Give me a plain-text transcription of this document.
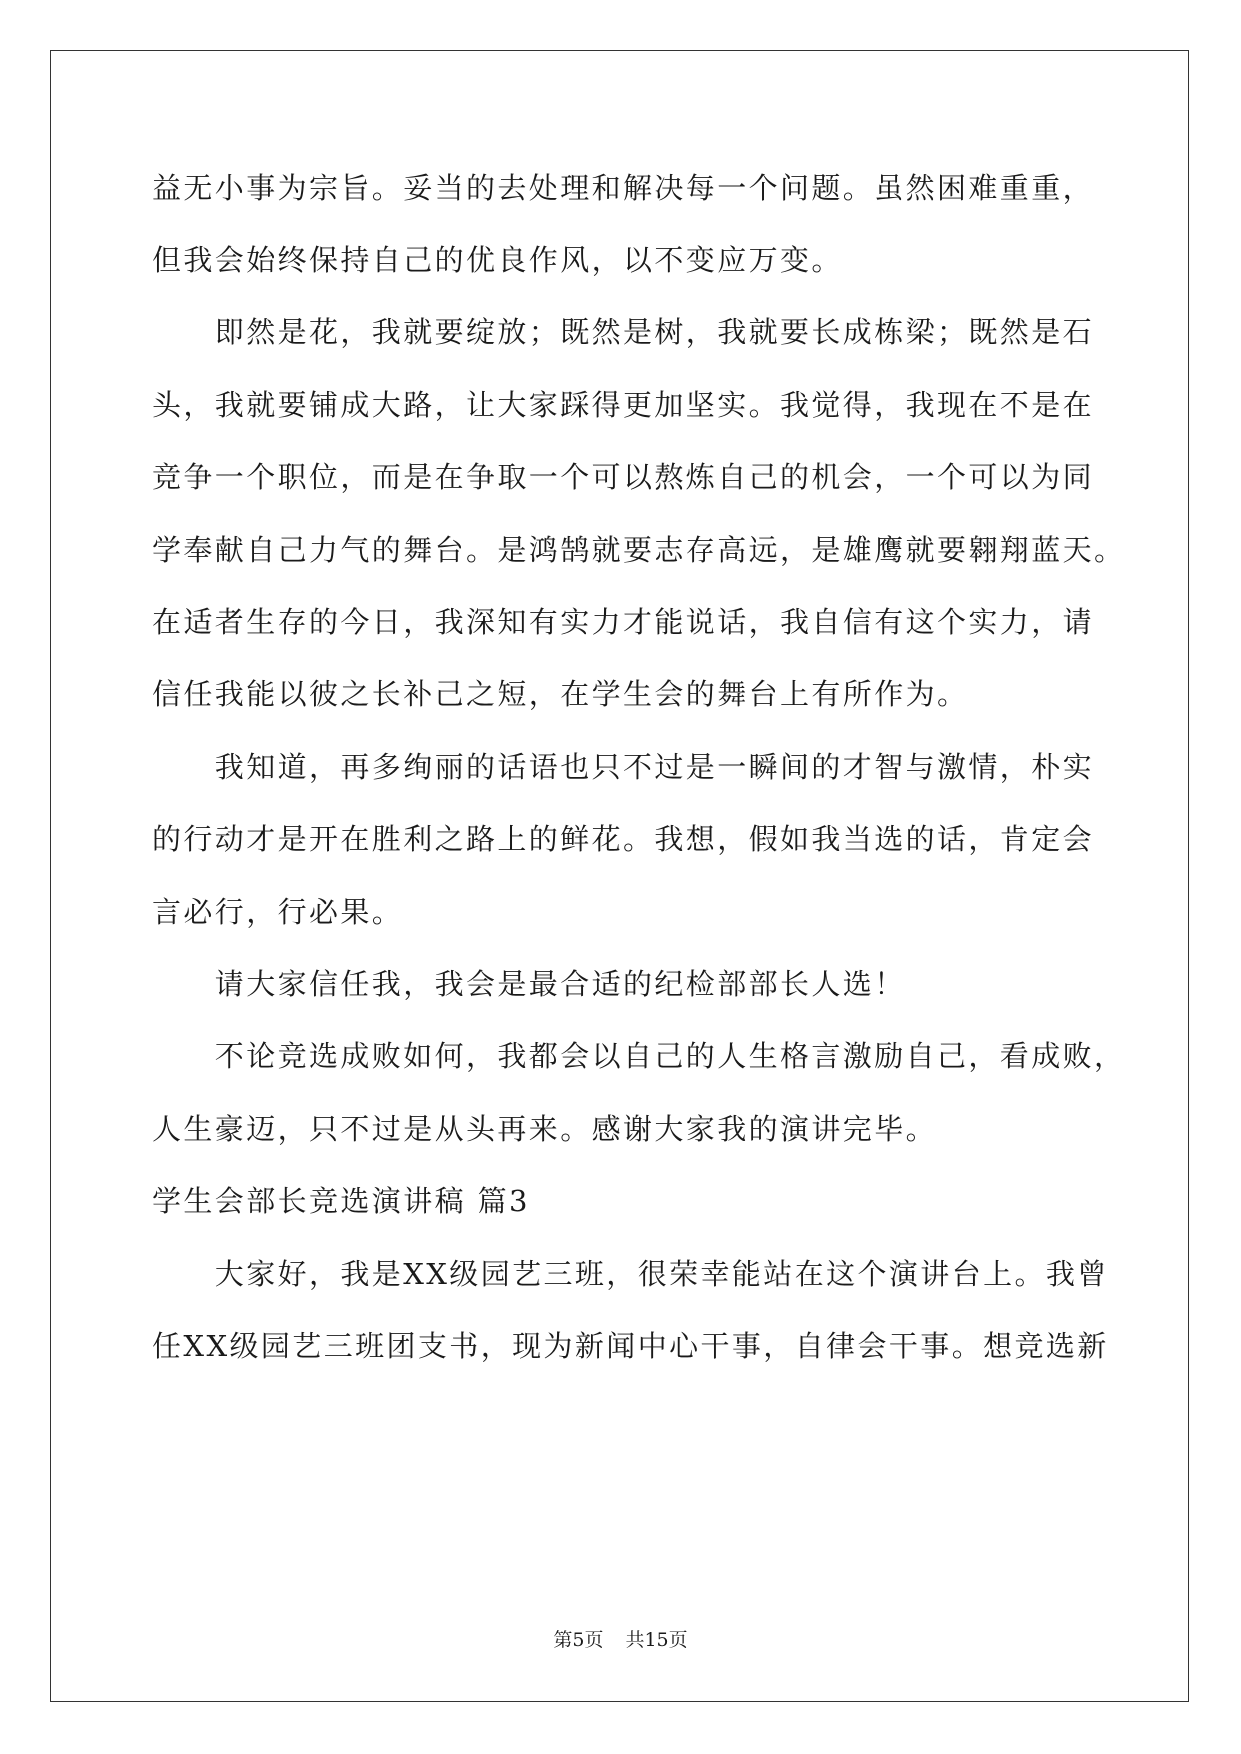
益无小事为宗旨。妥当的去处理和解决每一个问题。虽然困难重重，
但我会始终保持自己的优良作风，以不变应万变。
　　即然是花，我就要绽放；既然是树，我就要长成栋梁；既然是石
头，我就要铺成大路，让大家踩得更加坚实。我觉得，我现在不是在
竞争一个职位，而是在争取一个可以熬炼自己的机会，一个可以为同
学奉献自己力气的舞台。是鸿鹄就要志存高远，是雄鹰就要翱翔蓝天。
在适者生存的今日，我深知有实力才能说话，我自信有这个实力，请
信任我能以彼之长补己之短，在学生会的舞台上有所作为。
　　我知道，再多绚丽的话语也只不过是一瞬间的才智与激情，朴实
的行动才是开在胜利之路上的鲜花。我想，假如我当选的话，肯定会
言必行，行必果。
　　请大家信任我，我会是最合适的纪检部部长人选！
　　不论竞选成败如何，我都会以自己的人生格言激励自己，看成败，
人生豪迈，只不过是从头再来。感谢大家我的演讲完毕。
学生会部长竞选演讲稿 篇3
　　大家好，我是XX级园艺三班，很荣幸能站在这个演讲台上。我曾
任XX级园艺三班团支书，现为新闻中心干事，自律会干事。想竞选新
第5页 共15页
